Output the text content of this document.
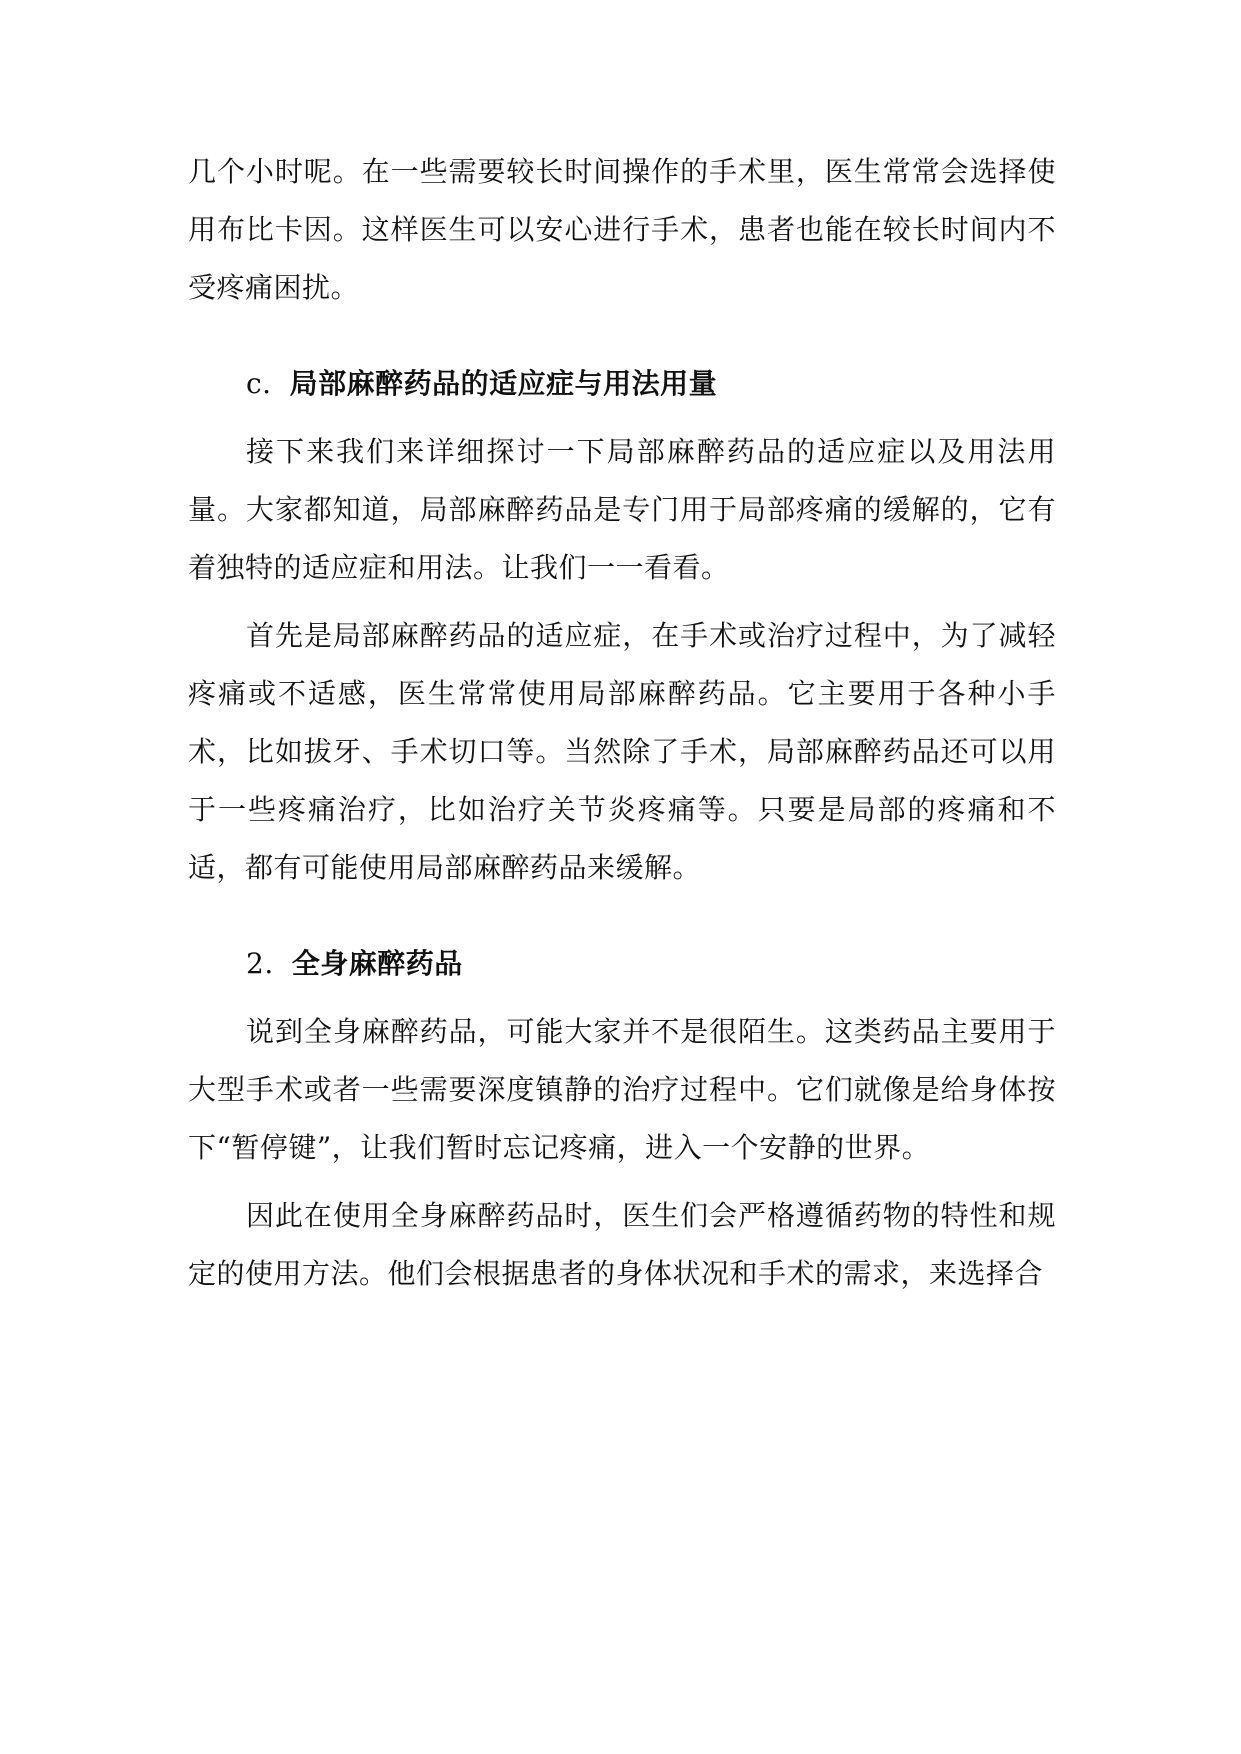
几个小时呢。在一些需要较长时间操作的手术里，医生常常会选择使用布比卡因。这样医生可以安心进行手术，患者也能在较长时间内不受疼痛困扰。

c. 局部麻醉药品的适应症与用法用量

接下来我们来详细探讨一下局部麻醉药品的适应症以及用法用量。大家都知道，局部麻醉药品是专门用于局部疼痛的缓解的，它有着独特的适应症和用法。让我们一一看看。

首先是局部麻醉药品的适应症，在手术或治疗过程中，为了减轻疼痛或不适感，医生常常使用局部麻醉药品。它主要用于各种小手术，比如拔牙、手术切口等。当然除了手术，局部麻醉药品还可以用于一些疼痛治疗，比如治疗关节炎疼痛等。只要是局部的疼痛和不适，都有可能使用局部麻醉药品来缓解。

2. 全身麻醉药品

说到全身麻醉药品，可能大家并不是很陌生。这类药品主要用于大型手术或者一些需要深度镇静的治疗过程中。它们就像是给身体按下“暂停键”，让我们暂时忘记疼痛，进入一个安静的世界。

因此在使用全身麻醉药品时，医生们会严格遵循药物的特性和规定的使用方法。他们会根据患者的身体状况和手术的需求，来选择合
